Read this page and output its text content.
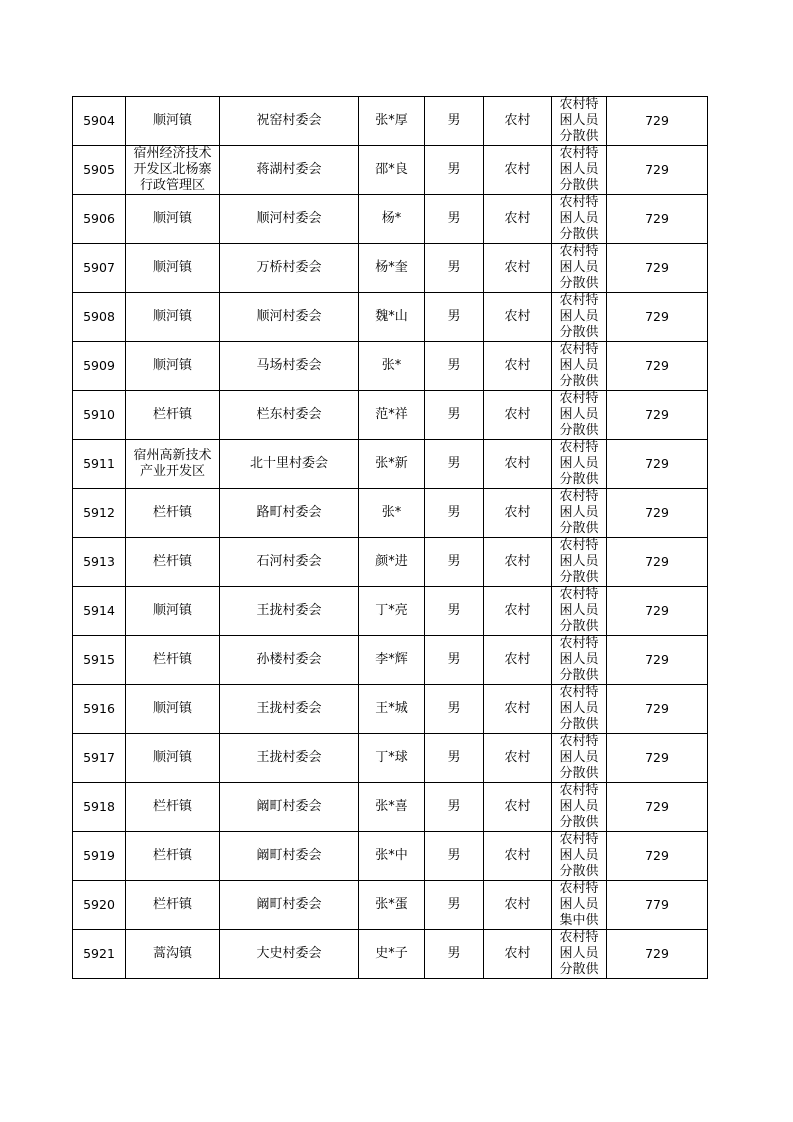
5904	顺河镇	祝窑村委会	张*厚	男	农村	农村特困人员分散供	729
5905	宿州经济技术开发区北杨寨行政管理区	蒋湖村委会	邵*良	男	农村	农村特困人员分散供	729
5906	顺河镇	顺河村委会	杨*	男	农村	农村特困人员分散供	729
5907	顺河镇	万桥村委会	杨*奎	男	农村	农村特困人员分散供	729
5908	顺河镇	顺河村委会	魏*山	男	农村	农村特困人员分散供	729
5909	顺河镇	马场村委会	张*	男	农村	农村特困人员分散供	729
5910	栏杆镇	栏东村委会	范*祥	男	农村	农村特困人员分散供	729
5911	宿州高新技术产业开发区	北十里村委会	张*新	男	农村	农村特困人员分散供	729
5912	栏杆镇	路町村委会	张*	男	农村	农村特困人员分散供	729
5913	栏杆镇	石河村委会	颜*进	男	农村	农村特困人员分散供	729
5914	顺河镇	王拢村委会	丁*亮	男	农村	农村特困人员分散供	729
5915	栏杆镇	孙楼村委会	李*辉	男	农村	农村特困人员分散供	729
5916	顺河镇	王拢村委会	王*城	男	农村	农村特困人员分散供	729
5917	顺河镇	王拢村委会	丁*球	男	农村	农村特困人员分散供	729
5918	栏杆镇	阚町村委会	张*喜	男	农村	农村特困人员分散供	729
5919	栏杆镇	阚町村委会	张*中	男	农村	农村特困人员分散供	729
5920	栏杆镇	阚町村委会	张*蛋	男	农村	农村特困人员集中供	779
5921	蒿沟镇	大史村委会	史*子	男	农村	农村特困人员分散供	729
